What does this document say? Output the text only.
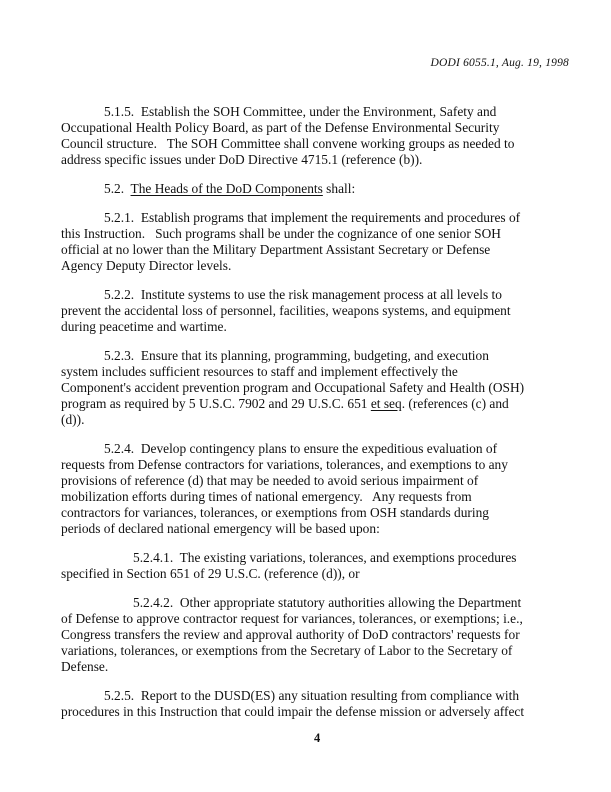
DODI 6055.1, Aug. 19, 1998

5.1.5.  Establish the SOH Committee, under the Environment, Safety and
Occupational Health Policy Board, as part of the Defense Environmental Security
Council structure.   The SOH Committee shall convene working groups as needed to
address specific issues under DoD Directive 4715.1 (reference (b)).

5.2.  The Heads of the DoD Components shall:

5.2.1.  Establish programs that implement the requirements and procedures of
this Instruction.   Such programs shall be under the cognizance of one senior SOH
official at no lower than the Military Department Assistant Secretary or Defense
Agency Deputy Director levels.

5.2.2.  Institute systems to use the risk management process at all levels to
prevent the accidental loss of personnel, facilities, weapons systems, and equipment
during peacetime and wartime.

5.2.3.  Ensure that its planning, programming, budgeting, and execution
system includes sufficient resources to staff and implement effectively the
Component's accident prevention program and Occupational Safety and Health (OSH)
program as required by 5 U.S.C. 7902 and 29 U.S.C. 651 et seq. (references (c) and
(d)).

5.2.4.  Develop contingency plans to ensure the expeditious evaluation of
requests from Defense contractors for variations, tolerances, and exemptions to any
provisions of reference (d) that may be needed to avoid serious impairment of
mobilization efforts during times of national emergency.   Any requests from
contractors for variances, tolerances, or exemptions from OSH standards during
periods of declared national emergency will be based upon:

5.2.4.1.  The existing variations, tolerances, and exemptions procedures
specified in Section 651 of 29 U.S.C. (reference (d)), or

5.2.4.2.  Other appropriate statutory authorities allowing the Department
of Defense to approve contractor request for variances, tolerances, or exemptions; i.e.,
Congress transfers the review and approval authority of DoD contractors' requests for
variations, tolerances, or exemptions from the Secretary of Labor to the Secretary of
Defense.

5.2.5.  Report to the DUSD(ES) any situation resulting from compliance with
procedures in this Instruction that could impair the defense mission or adversely affect

4
